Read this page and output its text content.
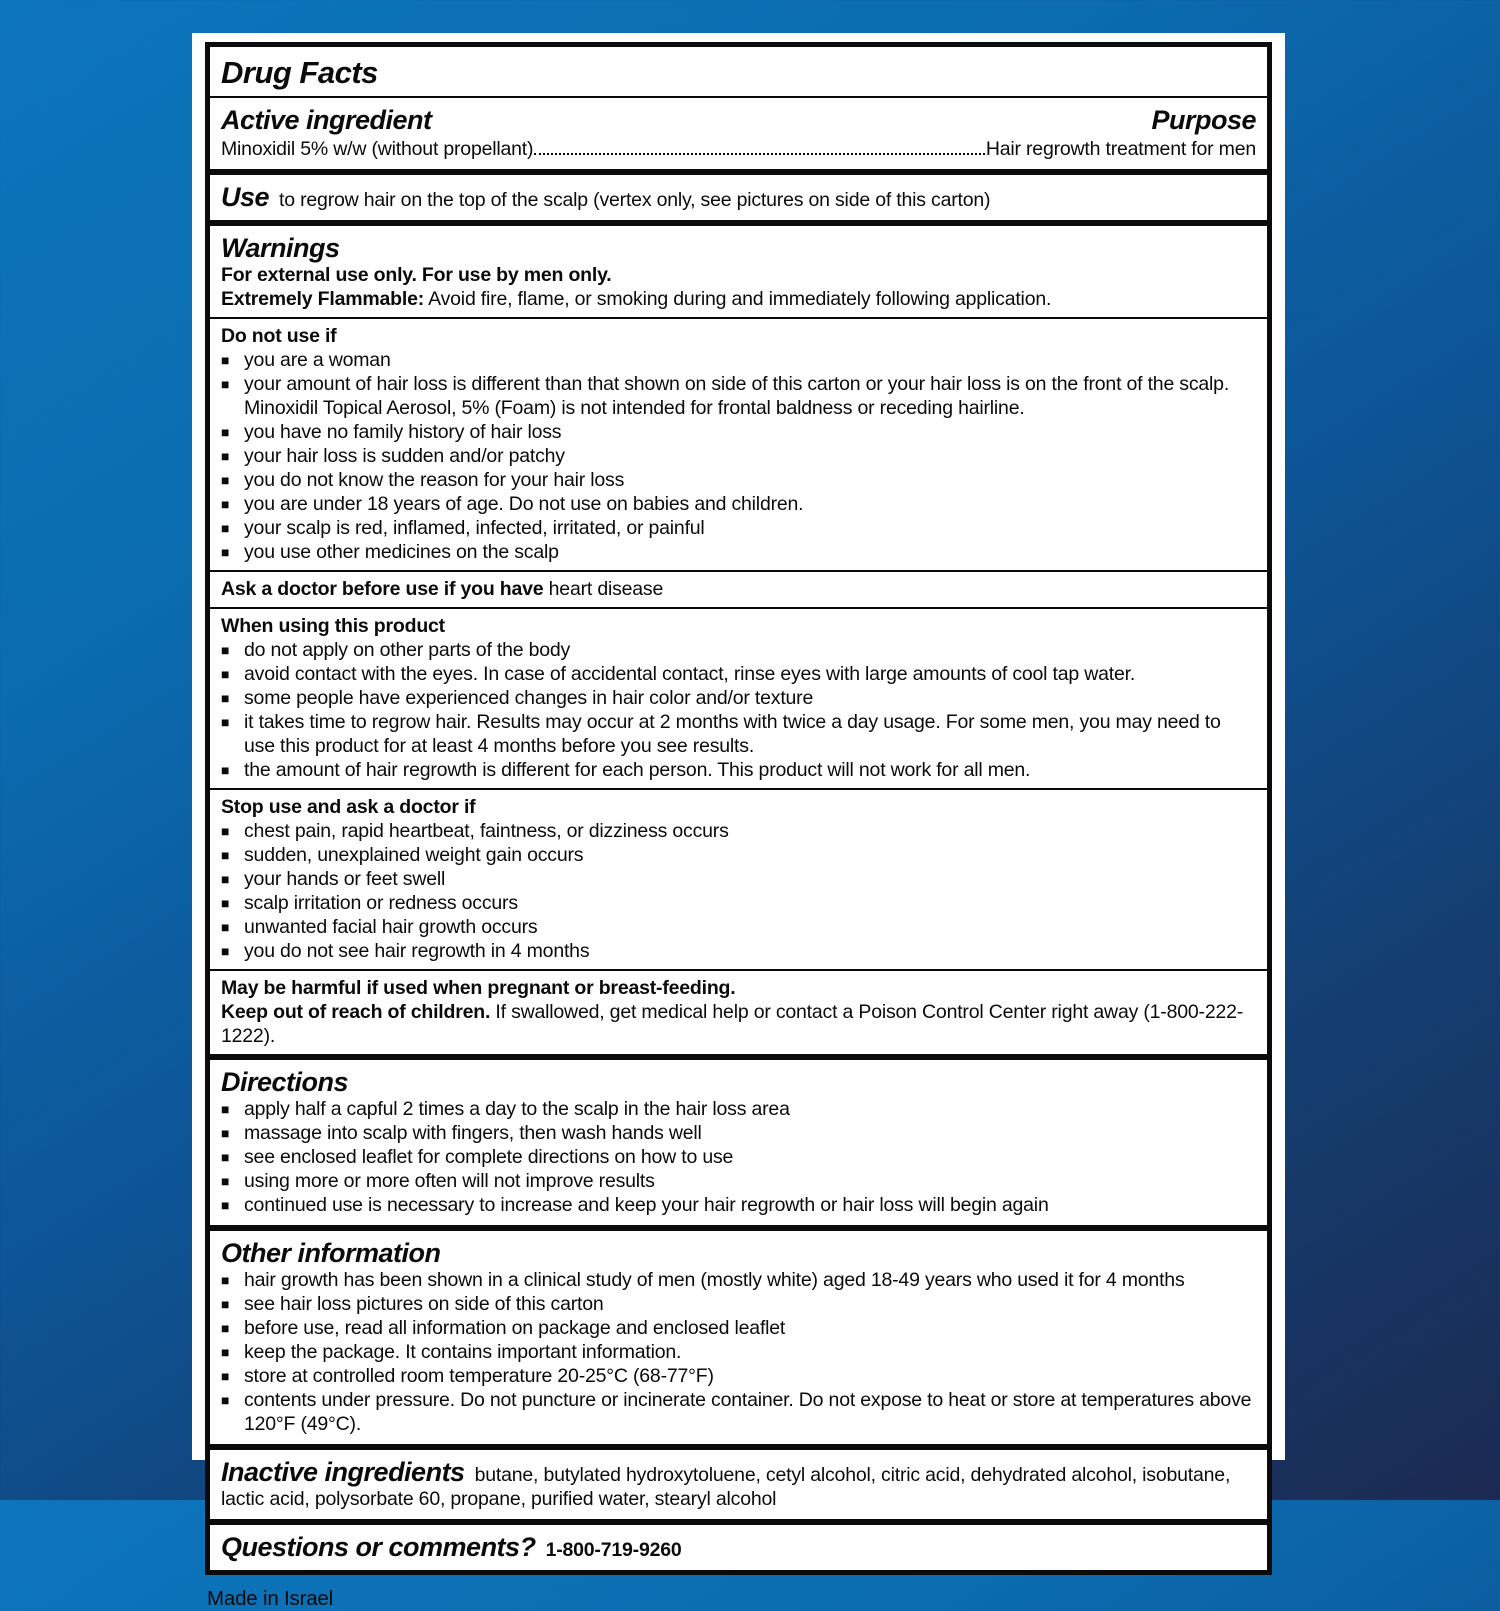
Drug Facts
Active ingredient	Purpose
Minoxidil 5% w/w (without propellant)	Hair regrowth treatment for men
Use to regrow hair on the top of the scalp (vertex only, see pictures on side of this carton)
Warnings
For external use only. For use by men only.
Extremely Flammable: Avoid fire, flame, or smoking during and immediately following application.
Do not use if
■ you are a woman
■ your amount of hair loss is different than that shown on side of this carton or your hair loss is on the front of the scalp. Minoxidil Topical Aerosol, 5% (Foam) is not intended for frontal baldness or receding hairline.
■ you have no family history of hair loss
■ your hair loss is sudden and/or patchy
■ you do not know the reason for your hair loss
■ you are under 18 years of age. Do not use on babies and children.
■ your scalp is red, inflamed, infected, irritated, or painful
■ you use other medicines on the scalp
Ask a doctor before use if you have heart disease
When using this product
■ do not apply on other parts of the body
■ avoid contact with the eyes. In case of accidental contact, rinse eyes with large amounts of cool tap water.
■ some people have experienced changes in hair color and/or texture
■ it takes time to regrow hair. Results may occur at 2 months with twice a day usage. For some men, you may need to use this product for at least 4 months before you see results.
■ the amount of hair regrowth is different for each person. This product will not work for all men.
Stop use and ask a doctor if
■ chest pain, rapid heartbeat, faintness, or dizziness occurs
■ sudden, unexplained weight gain occurs
■ your hands or feet swell
■ scalp irritation or redness occurs
■ unwanted facial hair growth occurs
■ you do not see hair regrowth in 4 months
May be harmful if used when pregnant or breast-feeding.
Keep out of reach of children. If swallowed, get medical help or contact a Poison Control Center right away (1-800-222-1222).
Directions
■ apply half a capful 2 times a day to the scalp in the hair loss area
■ massage into scalp with fingers, then wash hands well
■ see enclosed leaflet for complete directions on how to use
■ using more or more often will not improve results
■ continued use is necessary to increase and keep your hair regrowth or hair loss will begin again
Other information
■ hair growth has been shown in a clinical study of men (mostly white) aged 18-49 years who used it for 4 months
■ see hair loss pictures on side of this carton
■ before use, read all information on package and enclosed leaflet
■ keep the package. It contains important information.
■ store at controlled room temperature 20-25°C (68-77°F)
■ contents under pressure. Do not puncture or incinerate container. Do not expose to heat or store at temperatures above 120°F (49°C).
Inactive ingredients butane, butylated hydroxytoluene, cetyl alcohol, citric acid, dehydrated alcohol, isobutane, lactic acid, polysorbate 60, propane, purified water, stearyl alcohol
Questions or comments? 1-800-719-9260
Made in Israel
